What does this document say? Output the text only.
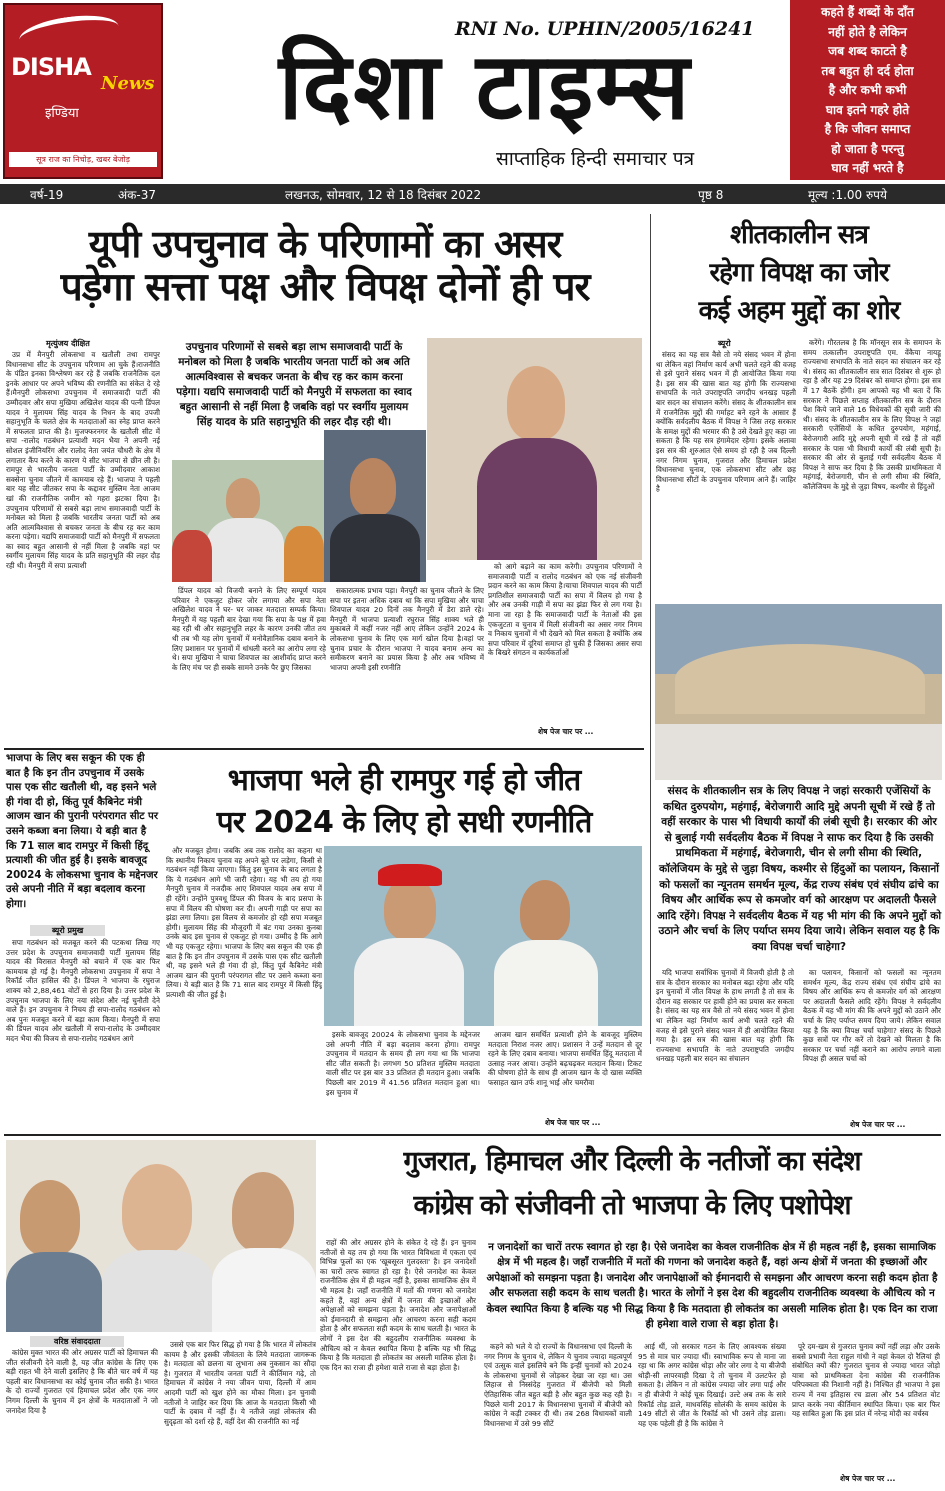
DISHA
News
इण्डिया
सूत्र राज का निचोड़, खबर बेजोड़
RNI No. UPHIN/2005/16241
दिशा टाइम्स
साप्ताहिक हिन्दी समाचार पत्र
कहते हैं शब्दों के दाँत
नहीं होते है लेकिन
जब शब्द काटते है
तब बहुत ही दर्द होता
है और कभी कभी
घाव इतने गहरे होते
है कि जीवन समाप्त
हो जाता है परन्तु
घाव नहीं भरते है
वर्ष-19	अंक-37	लखनऊ, सोमवार, 12 से 18 दिसंबर 2022	पृष्ठ 8	मूल्य :1.00 रुपये
यूपी उपचुनाव के परिणामों का असर
पड़ेगा सत्ता पक्ष और विपक्ष दोनों ही पर
मृत्युंजय दीक्षित

उप्र में मैनपुरी लोकसभा व खतौली तथा रामपुर विधानसभा सीट के उपचुनाव परिणाम आ चुके हैं।राजनीति के पंडित इनका विश्लेषण कर रहे हैं जबकि राजनैतिक दल इनके आधार पर अपने भविष्य की रणनीति का संकेत दे रहे हैं।मैनपुरी लोकसभा उपचुनाव में समाजवादी पार्टी की उम्मीदवार और सपा मुखिया अखिलेश यादव की पत्नी डिंपल यादव ने मुलायम सिंह यादव के निधन के बाद उपजी सहानुभूति के चलते क्षेत्र के मतदाताओं का स्नेह प्राप्त करने में सफलता प्राप्त की है। मुजफ्फरनगर के खतौली सीट में सपा -रालोद गठबंधन प्रत्याशी मदन भैया ने अपनी नई सोशल इंजीनियरिंग और रालोद नेता जयंत चौधरी के क्षेत्र में लगातार कैंप करने के कारण ये सीट भाजपा से छीन ली है। रामपुर से भारतीय जनता पार्टी के उम्मीदवार आकाश सक्सेना चुनाव जीतने में कामयाब रहे हैं। भाजपा ने पहली बार यह सीट जीतकर सपा के कद्दावर मुस्लिम नेता आजम खां की राजनीतिक जमीन को गहरा झटका दिया है। उपचुनाव परिणामों से सबसे बड़ा लाभ समाजवादी पार्टी के मनोबल को मिला है जबकि भारतीय जनता पार्टी को अब अति आत्मविश्वास से बचकर जनता के बीच रह कर काम करना पड़ेगा। यद्यपि समाजवादी पार्टी को मैनपुरी में सफलता का स्वाद बहुत आसानी से नहीं मिला है जबकि वहां पर स्वर्गीय मुलायम सिंह यादव के प्रति सहानुभूति की लहर दौड़ रही थी। मैनपुरी में सपा प्रत्याशी

उपचुनाव परिणामों से सबसे बड़ा लाभ समाजवादी पार्टी के मनोबल को मिला है जबकि भारतीय जनता पार्टी को अब अति आत्मविश्वास से बचकर जनता के बीच रह कर काम करना पड़ेगा। यद्यपि समाजवादी पार्टी को मैनपुरी में सफलता का स्वाद बहुत आसानी से नहीं मिला है जबकि वहां पर स्वर्गीय मुलायम सिंह यादव के प्रति सहानुभूति की लहर दौड़ रही थी।

डिंपल यादव को विजयी बनाने के लिए सम्पूर्ण यादव परिवार ने एकजुट होकर जोर लगाया और सपा नेता अखिलेश यादव ने घर- घर जाकर मतदाता सम्पर्क किया। मैनपुरी में यह पहली बार देखा गया कि सपा के पक्ष में हवा बह रही थी और सहानुभूति लहर के कारण उनकी जीत तय थी तब भी यह लोग चुनावों में मनोवैज्ञानिक दबाव बनाने के लिए प्रशासन पर चुनावों में धांधली करने का आरोप लगा रहे थे। सपा मुखिया ने चाचा शिवपाल का आशीर्वाद प्राप्त करने के लिए मंच पर ही सबके सामने उनके पैर छुए जिसका

सकारात्मक प्रभाव पड़ा। मैनपुरी का चुनाव जीतने के लिए सपा पर इतना अधिक दबाव था कि सपा मुखिया और चाचा शिवपाल यादव 20 दिनों तक मैनपुरी में डेरा डाले रहे। मैनपुरी में भाजपा प्रत्याशी रघुराज सिंह शाक्य भले ही मुकाबले में कहीं नजर नहीं आए लेकिन उन्होंने 2024 के लोकसभा चुनाव के लिए एक मार्ग खोल दिया है।वहां पर चुनाव प्रचार के दौरान भाजपा ने यादव बनाम अन्य का समीकरण बनाने का प्रयास किया है और अब भविष्य में भाजपा अपनी इसी रणनीति

को आगे बढ़ाने का काम करेगी। उपचुनाव परिणामों ने समाजवादी पार्टी व रालोद गठबंधन को एक नई संजीवनी प्रदान करने का काम किया है।चाचा शिवपाल यादव की पार्टी प्रगतिशील समाजवादी पार्टी का सपा में विलय हो गया है और अब उनकी गाड़ी में सपा का झंडा फिर से लग गया है। माना जा रहा है कि समाजवादी पार्टी के नेताओं की इस एकजुटता व चुनाव में मिली संजीवनी का असर नगर निगम व निकाय चुनावों में भी देखने को मिल सकता है क्योंकि अब सपा परिवार में दूरियां समाप्त हो चुकी हैं जिसका असर सपा के बिखरे संगठन व कार्यकर्ताओं

शेष पेज चार पर ...
शीतकालीन सत्र
रहेगा विपक्ष का जोर
कई अहम मुद्दों का शोर
ब्यूरो

संसद का यह सत्र वैसे तो नये संसद भवन में होना था लेकिन वहां निर्माण कार्य अभी चलते रहने की वजह से इसे पुराने संसद भवन में ही आयोजित किया गया है। इस सत्र की खास बात यह होगी कि राज्यसभा सभापति के नाते उपराष्ट्रपति जगदीप धनखड़ पहली बार सदन का संचालन करेंगे। संसद के शीतकालीन सत्र में राजनैतिक मुद्दों की गर्माहट बने रहने के आसार हैं क्योंकि सर्वदलीय बैठक में विपक्ष ने जिस तरह सरकार के समक्ष मुद्दों की भरमार की है उसे देखते हुए कहा जा सकता है कि यह सत्र हंगामेदार रहेगा। इसके अलावा इस सत्र की शुरुआत ऐसे समय हो रही है जब दिल्ली नगर निगम चुनाव, गुजरात और हिमाचल प्रदेश विधानसभा चुनाव, एक लोकसभा सीट और छह विधानसभा सीटों के उपचुनाव परिणाम आने हैं। जाहिर है

करेंगे। गौरतलब है कि मॉनसून सत्र के समापन के समय तत्कालीन उपराष्ट्रपति एम. वेंकैया नायडू राज्यसभा सभापति के नाते सदन का संचालन कर रहे थे। संसद का शीतकालीन सत्र सात दिसंबर से शुरू हो रहा है और यह 29 दिसंबर को समाप्त होगा। इस सत्र में 17 बैठकें होंगी। हम आपको यह भी बता दें कि सरकार ने पिछले सप्ताह शीतकालीन सत्र के दौरान पेश किये जाने वाले 16 विधेयकों की सूची जारी की थी। संसद के शीतकालीन सत्र के लिए विपक्ष ने जहां सरकारी एजेंसियों के कथित दुरुपयोग, महंगाई, बेरोजगारी आदि मुद्दे अपनी सूची में रखे हैं तो वहीं सरकार के पास भी विधायी कार्यों की लंबी सूची है। सरकार की ओर से बुलाई गयी सर्वदलीय बैठक में विपक्ष ने साफ कर दिया है कि उसकी प्राथमिकता में महंगाई, बेरोजगारी, चीन से लगी सीमा की स्थिति, कॉलेजियम के मुद्दे से जुड़ा विषय, कश्मीर से हिंदुओं

संसद के शीतकालीन सत्र के लिए विपक्ष ने जहां सरकारी एजेंसियों के कथित दुरुपयोग, महंगाई, बेरोजगारी आदि मुद्दे अपनी सूची में रखे हैं तो वहीं सरकार के पास भी विधायी कार्यों की लंबी सूची है। सरकार की ओर से बुलाई गयी सर्वदलीय बैठक में विपक्ष ने साफ कर दिया है कि उसकी प्राथमिकता में महंगाई, बेरोजगारी, चीन से लगी सीमा की स्थिति, कॉलेजियम के मुद्दे से जुड़ा विषय, कश्मीर से हिंदुओं का पलायन, किसानों को फसलों का न्यूनतम समर्थन मूल्य, केंद्र राज्य संबंध एवं संघीय ढांचे का विषय और आर्थिक रूप से कमजोर वर्ग को आरक्षण पर अदालती फैसले आदि रहेंगे। विपक्ष ने सर्वदलीय बैठक में यह भी मांग की कि अपने मुद्दों को उठाने और चर्चा के लिए पर्याप्त समय दिया जाये। लेकिन सवाल यह है कि क्या विपक्ष चर्चा चाहेगा?

यदि भाजपा सर्वाधिक चुनावों में विजयी होती है तो सत्र के दौरान सरकार का मनोबल बढ़ा रहेगा और यदि इन चुनावों में जीत विपक्ष के हाथ लगती है तो सत्र के दौरान वह सरकार पर हावी होने का प्रयास कर सकता है। संसद का यह सत्र वैसे तो नये संसद भवन में होना था लेकिन वहां निर्माण कार्य अभी चलते रहने की वजह से इसे पुराने संसद भवन में ही आयोजित किया गया है। इस सत्र की खास बात यह होगी कि राज्यसभा सभापति के नाते उपराष्ट्रपति जगदीप धनखड़ पहली बार सदन का संचालन

का पलायन, किसानों को फसलों का न्यूनतम समर्थन मूल्य, केंद्र राज्य संबंध एवं संघीय ढांचे का विषय और आर्थिक रूप से कमजोर वर्ग को आरक्षण पर अदालती फैसले आदि रहेंगे। विपक्ष ने सर्वदलीय बैठक में यह भी मांग की कि अपने मुद्दों को उठाने और चर्चा के लिए पर्याप्त समय दिया जाये। लेकिन सवाल यह है कि क्या विपक्ष चर्चा चाहेगा? संसद के पिछले कुछ सत्रों पर गौर करें तो देखने को मिलता है कि सरकार पर चर्चा नहीं कराने का आरोप लगाने वाला विपक्ष ही असल चर्चा को

शेष पेज चार पर ...
भाजपा के लिए बस सकून की एक ही बात है कि इन तीन उपचुनाव में उसके पास एक सीट खतौली थी, वह इसने भले ही गंवा दी हो, किंतु पूर्व कैबिनेट मंत्री आजम खान की पुरानी परंपरागत सीट पर उसने कब्जा बना लिया। ये बड़ी बात है कि 71 साल बाद रामपुर में किसी हिंदू प्रत्याशी की जीत हुई है। इसके बावजूद 20024 के लोकसभा चुनाव के मद्देनजर उसे अपनी नीति में बड़ा बदलाव करना होगा।
भाजपा भले ही रामपुर गई हो जीत
पर 2024 के लिए हो सधी रणनीति
ब्यूरो प्रमुख

सपा गठबंधन को मजबूत करने की पटकथा लिख गए उत्तर प्रदेश के उपचुनाव समाजवादी पार्टी मुलायम सिंह यादव की विरासत मैनपुरी को बचाने में एक बार फिर कामयाब हो गई है। मैनपुरी लोकसभा उपचुनाव में सपा ने रिकॉर्ड जीत हासिल की है। डिंपल ने भाजपा के रघुराज शाक्य को 2,88,461 वोटों से हरा दिया है। उत्तर प्रदेश के उपचुनाव भाजपा के लिए नया संदेश और नई चुनौती देने वाले हैं। इन उपचुनाव ने निचय ही सपा-रालोद गठबंधन को अब पुनः मजबूत करने में बड़ा काम किया। मैनपुरी में सपा की डिंपल यादव और खतौली में सपा-रालोद के उम्मीदवार मदन भैया की विजय से सपा-रालोद गठबंधन आगे

और मजबूत होगा। जबकि अब तक रालोद का कहना था कि स्थानीय निकाय चुनाव वह अपने बूते पर लड़ेगा, किसी से गठबंधन नहीं किया जाएगा। किंतु इस चुनाव के बाद लगता है कि ये गठबंधन आगे भी जारी रहेगा। यह भी तय हो गया मैनपुरी चुनाव में नजदीक आए शिवपाल यादव अब सपा में ही रहेंगे। उन्होंने पुत्रवधू डिंपल की विजय के बाद प्रसपा के सपा में विलय की घोषणा कर दी। अपनी गाड़ी पर सपा का झंडा लगा लिया। इस विलय से कमजोर हो रही सपा मजबूत होगी। मुलायम सिंह की मौजूदगी में बंट गया उनका कुनबा उनके बाद इस चुनाव से एकजुट हो गया। उम्मीद है कि आगे भी यह एकजुट रहेगा। भाजपा के लिए बस सकून की एक ही बात है कि इन तीन उपचुनाव में उसके पास एक सीट खतौली थी, वह इसने भले ही गंवा दी हो, किंतु पूर्व कैबिनेट मंत्री आजम खान की पुरानी परंपरागत सीट पर उसने कब्जा बना लिया। ये बड़ी बात है कि 71 साल बाद रामपुर में किसी हिंदू प्रत्याशी की जीत हुई है।

इसके बावजूद 20024 के लोकसभा चुनाव के मद्देनजर उसे अपनी नीति में बड़ा बदलाव करना होगा। रामपुर उपचुनाव में मतदान के समय ही लग गया था कि भाजपा सीट जीत सकती है। लगभग 50 प्रतिशत मुस्लिम मतदाता वाली सीट पर इस बार 33 प्रतिशत ही मतदान हुआ। जबकि पिछली बार 2019 में 41.56 प्रतिशत मतदान हुआ था। इस चुनाव में

आजम खान समर्थित प्रत्याशी होने के बावजूद मुस्लिम मतदाता निराश नजर आए। प्रशासन ने उन्हें मतदान से दूर रहने के लिए दबाव बनाया। भाजपा समर्थित हिंदू मतदाता में उत्साह नजर आया। उन्होंने बढ़चढ़कर मतदान किया। टिकट की घोषणा होते के साथ ही आजम खान के दो खास व्यक्ति फसाहत खान उर्फ शानू भाई और चमरौवा

शेष पेज चार पर ...
गुजरात, हिमाचल और दिल्ली के नतीजों का संदेश
कांग्रेस को संजीवनी तो भाजपा के लिए पशोपेश
वरिष्ठ संवाददाता

कांग्रेस मुक्त भारत की ओर अग्रसर पार्टी को हिमाचल की जीत संजीवनी देने वाली है, यह जीत कांग्रेस के लिए एक बड़ी राहत भी देने वाली इसलिए है कि बीते चार वर्ष में यह पहली बार विधानसभा का कोई चुनाव जीत सकी है। भारत के दो राज्यों गुजरात एवं हिमाचल प्रदेश और एक नगर निगम दिल्ली के चुनाव में इन क्षेत्रों के मतदाताओं ने जो जनादेश दिया है

उससे एक बार फिर सिद्ध हो गया है कि भारत में लोकतंत्र कायम है और इसकी जीवंतता के लिये मतदाता जागरूक है। मतदाता को छलना या लुभाना अब नुकसान का सौदा है। गुजरात में भारतीय जनता पार्टी ने कीर्तिमान गढ़े, तो हिमाचल में कांग्रेस ने नया जीवन पाया, दिल्ली में आम आदमी पार्टी को खुश होने का मौका मिला। इन चुनावी नतीजों ने जाहिर कर दिया कि आज के मतदाता किसी भी पार्टी के दबाव में नहीं हैं। ये नतीजे जहां लोकतंत्र की सुदृढ़ता को दर्शा रहे हैं, वहीं देश की राजनीति का नई

राहों की ओर अग्रसर होने के संकेत दे रहे हैं। इन चुनाव नतीजों से यह तय हो गया कि भारत विविधता में एकता एवं विभिन्न फूलों का एक 'खूबसूरत गुलदस्ता' है। इन जनादेशों का चारों तरफ स्वागत हो रहा है। ऐसे जनादेश का केवल राजनीतिक क्षेत्र में ही महत्व नहीं है, इसका सामाजिक क्षेत्र में भी महत्व है। जहाँ राजनीति में मतों की गणना को जनादेश कहते हैं, वहां अन्य क्षेत्रों में जनता की इच्छाओं और अपेक्षाओं को समझना पड़ता है। जनादेश और जनापेक्षाओं को ईमानदारी से समझना और आचरण करना सही कदम होता है और सफलता सही कदम के साथ चलती है। भारत के लोगों ने इस देश की बहुदलीय राजनीतिक व्यवस्था के औचित्य को न केवल स्थापित किया है बल्कि यह भी सिद्ध किया है कि मतदाता ही लोकतंत्र का असली मालिक होता है। एक दिन का राजा ही हमेशा वाले राजा से बड़ा होता है।

न जनादेशों का चारों तरफ स्वागत हो रहा है। ऐसे जनादेश का केवल राजनीतिक क्षेत्र में ही महत्व नहीं है, इसका सामाजिक क्षेत्र में भी महत्व है। जहाँ राजनीति में मतों की गणना को जनादेश कहते हैं, वहां अन्य क्षेत्रों में जनता की इच्छाओं और अपेक्षाओं को समझना पड़ता है। जनादेश और जनापेक्षाओं को ईमानदारी से समझना और आचरण करना सही कदम होता है और सफलता सही कदम के साथ चलती है। भारत के लोगों ने इस देश की बहुदलीय राजनीतिक व्यवस्था के औचित्य को न केवल स्थापित किया है बल्कि यह भी सिद्ध किया है कि मतदाता ही लोकतंत्र का असली मालिक होता है। एक दिन का राजा ही हमेशा वाले राजा से बड़ा होता है।

कहने को भले ये दो राज्यों के विधानसभा एवं दिल्ली के नगर निगम के चुनाव थे, लेकिन ये चुनाव ज्यादा महत्वपूर्ण एवं उत्सुक वाले इसलिये बने कि इन्हीं चुनावों को 2024 के लोकसभा चुनावों से जोड़कर देखा जा रहा था। उस लिहाज से निस्संदेह गुजरात में बीजेपी को मिली ऐतिहासिक जीत बहुत बड़ी है और बहुत कुछ कह रही है। पिछले यानी 2017 के विधानसभा चुनावों में बीजेपी को कांग्रेस ने कड़ी टक्कर दी थी। तब 268 विधायकों वाली विधानसभा में उसे 99 सीटें

आई थीं, जो सरकार गठन के लिए आवश्यक संख्या 95 से मात्र चार ज्यादा थीं। स्वाभाविक रूप से माना जा रहा था कि अगर कांग्रेस थोड़ा और जोर लगा दे या बीजेपी थोड़ी-सी लापरवाही दिखा दे तो चुनाव में उलटफेर हो सकता है। लेकिन न तो कांग्रेस ज्यादा जोर लगा पाई और न ही बीजेपी ने कोई चूक दिखाई। उल्टे अब तक के सारे रिकॉर्ड तोड़ डाले, माधवसिंह सोलंकी के समय कांग्रेस के 149 सीटों से जीत के रिकॉर्ड को भी उसने तोड़ डाला। यह एक पहेली ही है कि कांग्रेस ने

पूरे दम-खम से गुजरात चुनाव क्यों नहीं लड़ा और उसके सबसे प्रभावी नेता राहुल गांधी ने वहां केवल दो रैलियां ही संबोधित क्यों की? गुजरात चुनाव से ज्यादा भारत जोड़ो यात्रा को प्राथमिकता देना कांग्रेस की राजनीतिक परिपक्वता की निशानी नहीं है। निश्चित ही भाजपा ने इस राज्य में नया इतिहास रच डाला और 54 प्रतिशत वोट प्राप्त करके नया कीर्तिमान स्थापित किया। एक बार फिर यह साबित हुआ कि इस प्रांत में नरेन्द्र मोदी का वर्चस्व

शेष पेज चार पर ...
